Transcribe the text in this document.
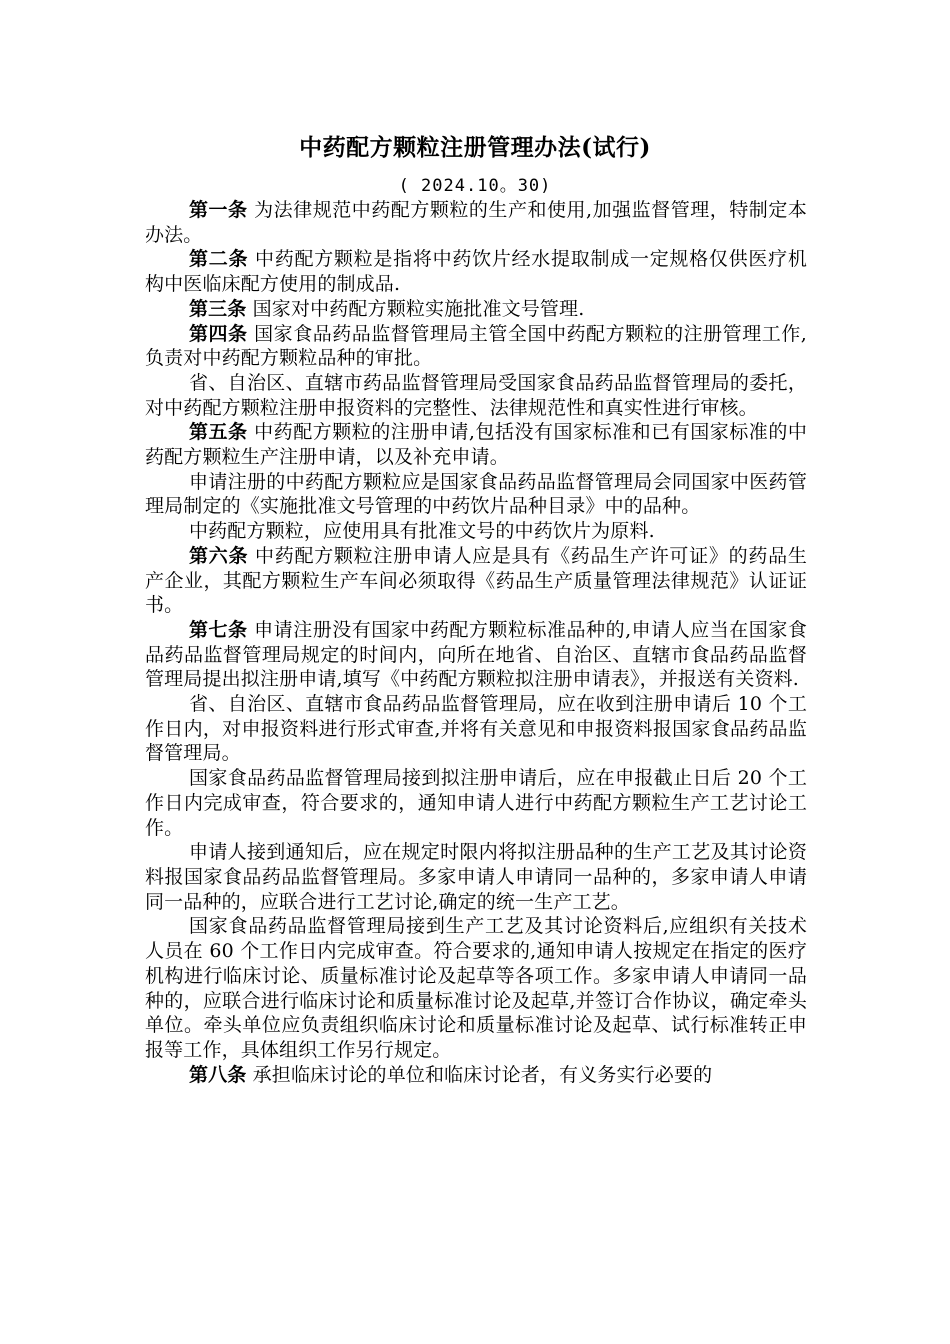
中药配方颗粒注册管理办法(试行)
( 2024.10。30)

第一条 为法律规范中药配方颗粒的生产和使用,加强监督管理，特制定本办法。

第二条 中药配方颗粒是指将中药饮片经水提取制成一定规格仅供医疗机构中医临床配方使用的制成品.

第三条 国家对中药配方颗粒实施批准文号管理.

第四条 国家食品药品监督管理局主管全国中药配方颗粒的注册管理工作,负责对中药配方颗粒品种的审批。

省、自治区、直辖市药品监督管理局受国家食品药品监督管理局的委托，对中药配方颗粒注册申报资料的完整性、法律规范性和真实性进行审核。

第五条 中药配方颗粒的注册申请,包括没有国家标准和已有国家标准的中药配方颗粒生产注册申请，以及补充申请。

申请注册的中药配方颗粒应是国家食品药品监督管理局会同国家中医药管理局制定的《实施批准文号管理的中药饮片品种目录》中的品种。

中药配方颗粒，应使用具有批准文号的中药饮片为原料.

第六条 中药配方颗粒注册申请人应是具有《药品生产许可证》的药品生产企业，其配方颗粒生产车间必须取得《药品生产质量管理法律规范》认证证书。

第七条 申请注册没有国家中药配方颗粒标准品种的,申请人应当在国家食品药品监督管理局规定的时间内，向所在地省、自治区、直辖市食品药品监督管理局提出拟注册申请,填写《中药配方颗粒拟注册申请表》，并报送有关资料.

省、自治区、直辖市食品药品监督管理局，应在收到注册申请后 10 个工作日内，对申报资料进行形式审查,并将有关意见和申报资料报国家食品药品监督管理局。

国家食品药品监督管理局接到拟注册申请后，应在申报截止日后 20 个工作日内完成审查，符合要求的，通知申请人进行中药配方颗粒生产工艺讨论工作。

申请人接到通知后，应在规定时限内将拟注册品种的生产工艺及其讨论资料报国家食品药品监督管理局。多家申请人申请同一品种的，多家申请人申请同一品种的，应联合进行工艺讨论,确定的统一生产工艺。

国家食品药品监督管理局接到生产工艺及其讨论资料后,应组织有关技术人员在 60 个工作日内完成审查。符合要求的,通知申请人按规定在指定的医疗机构进行临床讨论、质量标准讨论及起草等各项工作。多家申请人申请同一品种的，应联合进行临床讨论和质量标准讨论及起草,并签订合作协议，确定牵头单位。牵头单位应负责组织临床讨论和质量标准讨论及起草、试行标准转正申报等工作，具体组织工作另行规定。

第八条 承担临床讨论的单位和临床讨论者，有义务实行必要的
